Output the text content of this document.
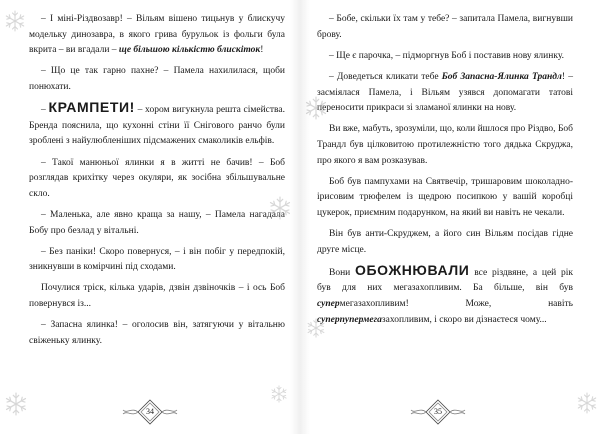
– І міні-Різдвозавр! – Вільям вішено тицьнув у блискучу модельку динозавра, в якого грива бурульок із фольги була вкрита – ви вгадали – ще більшою кількістю блискіток!

– Що це так гарно пахне? – Памела нахилилася, щоби понюхати.

– КРАМПЕТИ! – хором вигукнула решта сімейства. Бренда пояснила, що кухонні стіни її Снігового ранчо були зроблені з найулюбленіших підсмажених смаколиків ельфів.

– Такої манюньої ялинки я в житті не бачив! – Боб розглядав крихітку через окуляри, як зосібна збільшувальне скло.

– Маленька, але явно краща за нашу, – Памела нагадала Бобу про безлад у вітальні.

– Без паніки! Скоро повернуся, – і він побіг у передпокій, зникнувши в комірчині під сходами.

Почулися тріск, кілька ударів, дзвін дзвіночків – і ось Боб повернувся із...

– Запасна ялинка! – оголосив він, затягуючи у вітальню свіженьку ялинку.

34

– Бобе, скільки їх там у тебе? – запитала Памела, вигнувши брову.

– Ще є парочка, – підморгнув Боб і поставив нову ялинку.

– Доведеться кликати тебе Боб Запасна-Ялинка Трандл! – засміялася Памела, і Вільям узявся допомагати татові переносити прикраси зі зламаної ялинки на нову.

Ви вже, мабуть, зрозуміли, що, коли йшлося про Різдво, Боб Трандл був цілковитою протилежністю того дядька Скруджа, про якого я вам розказував.

Боб був пампухами на Святвечір, тришаровим шоколадно-ірисовим трюфелем із щедрою посипкою у вашій коробці цукерок, приємним подарунком, на який ви навіть не чекали.

Він був анти-Скруджем, а його син Вільям посідав гідне друге місце.

Вони ОБОЖНЮВАЛИ все різдвяне, а цей рік був для них мегазахопливим. Ба більше, він був супермегазахопливим! Може, навіть суперпупермегазахопливим, і скоро ви дізнаєтеся чому...

35
